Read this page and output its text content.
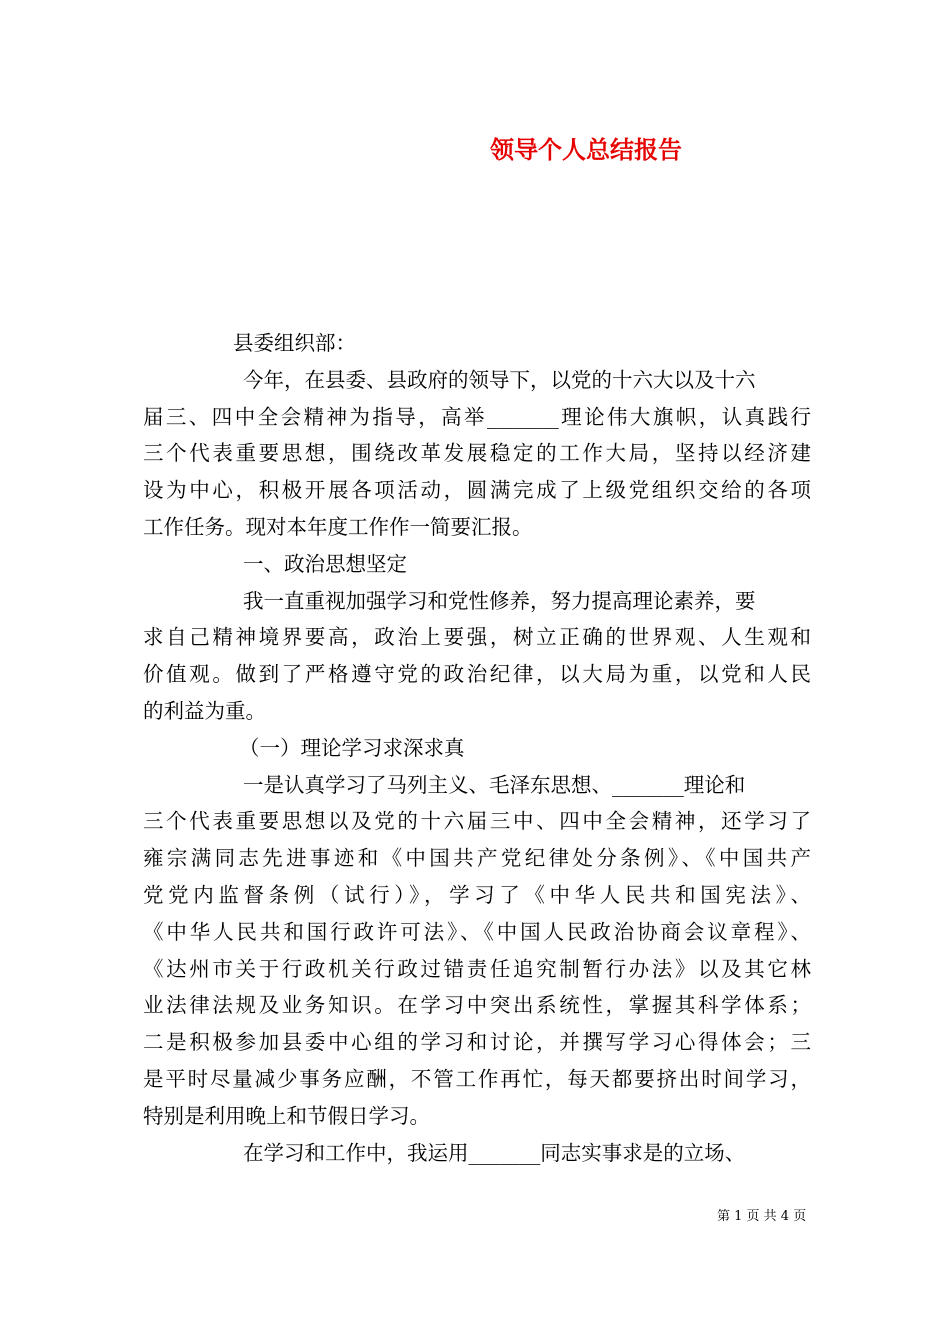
领导个人总结报告
县委组织部：
今年，在县委、县政府的领导下，以党的十六大以及十六
届三、四中全会精神为指导，高举_______理论伟大旗帜，认真践行
三个代表重要思想，围绕改革发展稳定的工作大局，坚持以经济建
设为中心，积极开展各项活动，圆满完成了上级党组织交给的各项
工作任务。现对本年度工作作一简要汇报。
一、政治思想坚定
我一直重视加强学习和党性修养，努力提高理论素养，要
求自己精神境界要高，政治上要强，树立正确的世界观、人生观和
价值观。做到了严格遵守党的政治纪律，以大局为重，以党和人民
的利益为重。
（一）理论学习求深求真
一是认真学习了马列主义、毛泽东思想、_______理论和
三个代表重要思想以及党的十六届三中、四中全会精神，还学习了
雍宗满同志先进事迹和《中国共产党纪律处分条例》、《中国共产
党党内监督条例（试行）》，学习了《中华人民共和国宪法》、
《中华人民共和国行政许可法》、《中国人民政治协商会议章程》、
《达州市关于行政机关行政过错责任追究制暂行办法》以及其它林
业法律法规及业务知识。在学习中突出系统性，掌握其科学体系；
二是积极参加县委中心组的学习和讨论，并撰写学习心得体会；三
是平时尽量减少事务应酬，不管工作再忙，每天都要挤出时间学习，
特别是利用晚上和节假日学习。
在学习和工作中，我运用_______同志实事求是的立场、
第 1 页 共 4 页
